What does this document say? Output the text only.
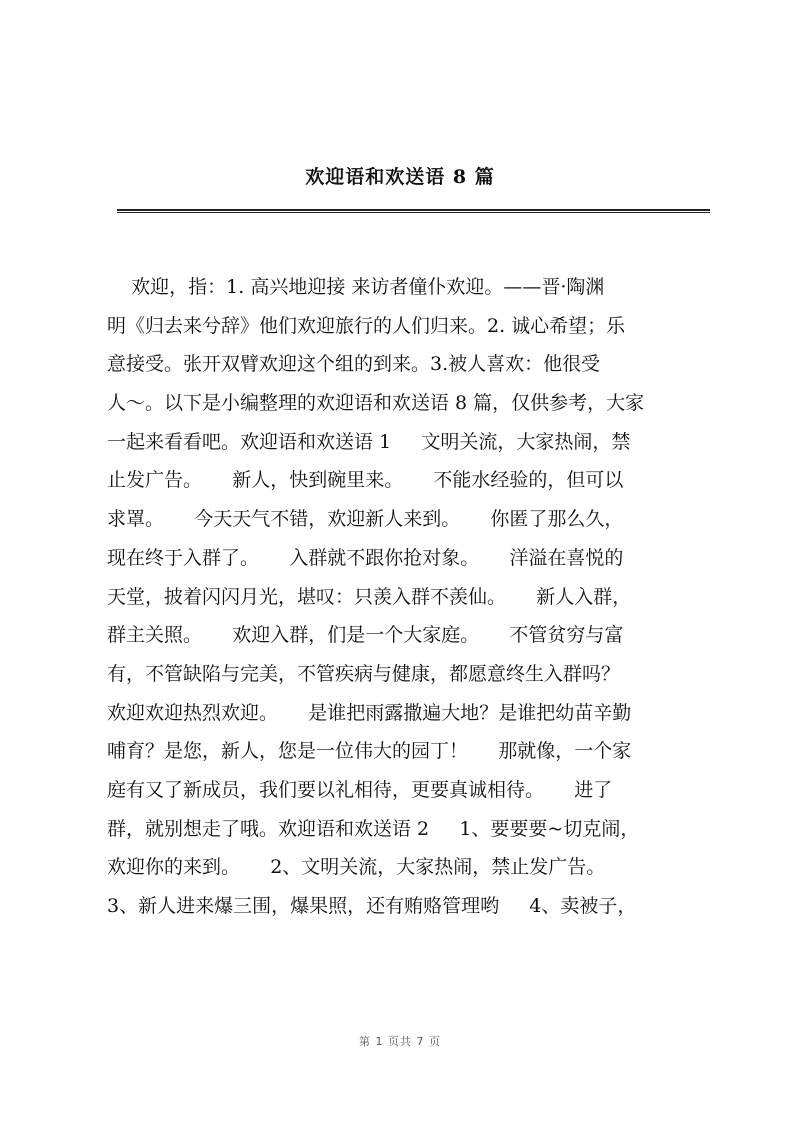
欢迎语和欢送语 8 篇
欢迎，指：1. 高兴地迎接 来访者僮仆欢迎。——晋·陶渊
明《归去来兮辞》他们欢迎旅行的人们归来。2. 诚心希望；乐
意接受。张开双臂欢迎这个组的到来。3.被人喜欢：他很受
人～。以下是小编整理的欢迎语和欢送语 8 篇，仅供参考，大家
一起来看看吧。欢迎语和欢送语 1     文明关流，大家热闹，禁
止发广告。     新人，快到碗里来。     不能水经验的，但可以
求罩。     今天天气不错，欢迎新人来到。     你匿了那么久，
现在终于入群了。     入群就不跟你抢对象。     洋溢在喜悦的
天堂，披着闪闪月光，堪叹：只羡入群不羡仙。     新人入群，
群主关照。     欢迎入群，们是一个大家庭。     不管贫穷与富
有，不管缺陷与完美，不管疾病与健康，都愿意终生入群吗？
欢迎欢迎热烈欢迎。     是谁把雨露撒遍大地？是谁把幼苗辛勤
哺育？是您，新人，您是一位伟大的园丁！     那就像，一个家
庭有又了新成员，我们要以礼相待，更要真诚相待。     进了
群，就别想走了哦。欢迎语和欢送语 2     1、要要要~切克闹，
欢迎你的来到。     2、文明关流，大家热闹，禁止发广告。
3、新人进来爆三围，爆果照，还有贿赂管理哟     4、卖被子，
第 1 页共 7 页
